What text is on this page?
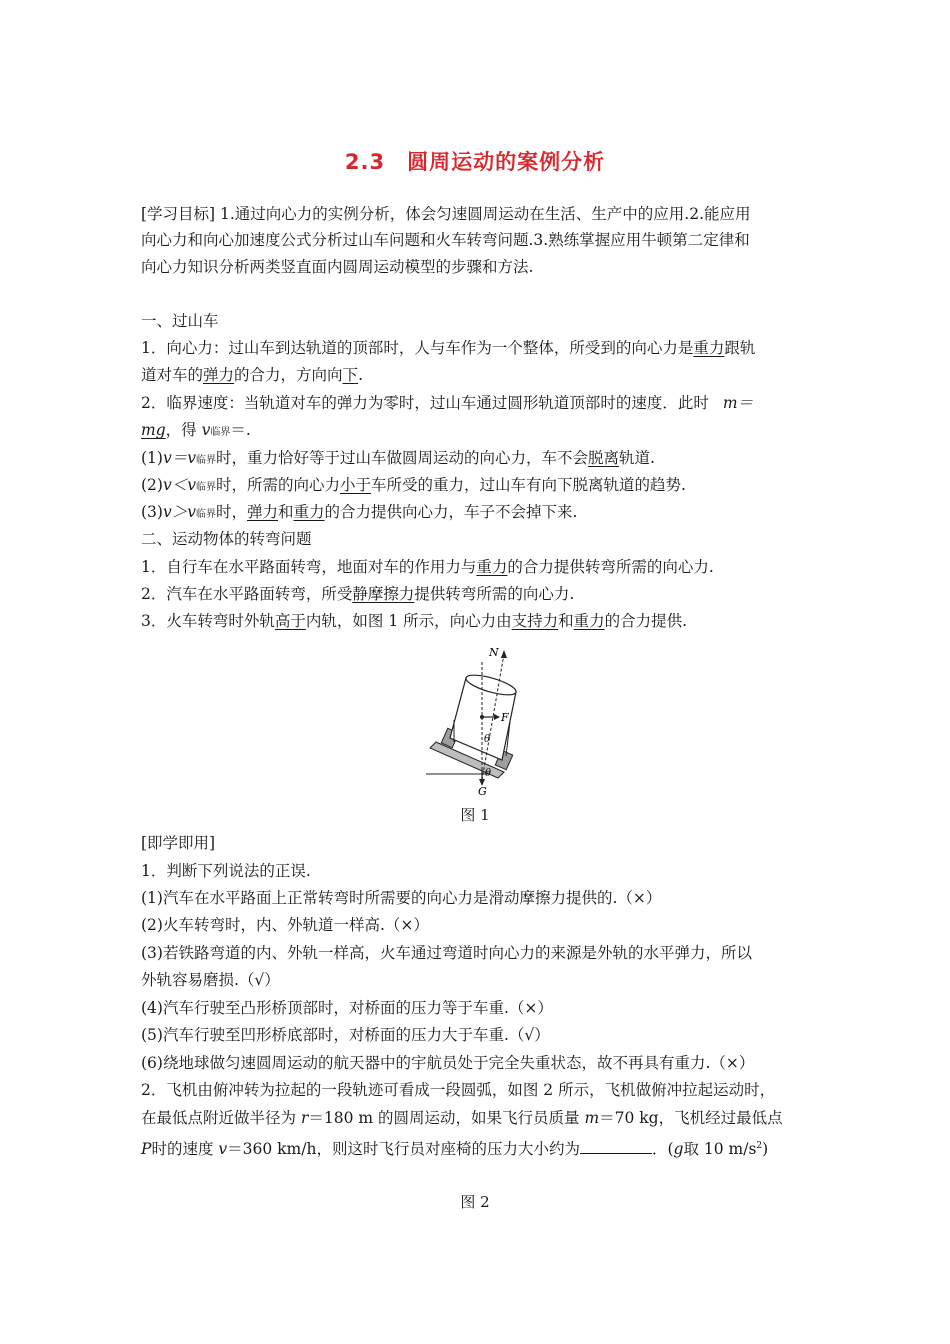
2.3　圆周运动的案例分析
[学习目标] 1.通过向心力的实例分析，体会匀速圆周运动在生活、生产中的应用.2.能应用
向心力和向心加速度公式分析过山车问题和火车转弯问题.3.熟练掌握应用牛顿第二定律和
向心力知识分析两类竖直面内圆周运动模型的步骤和方法.
一、过山车
1．向心力：过山车到达轨道的顶部时，人与车作为一个整体，所受到的向心力是重力跟轨
道对车的弹力的合力，方向向下.
2．临界速度：当轨道对车的弹力为零时，过山车通过圆形轨道顶部时的速度．此时 m＝
mg，得 v临界＝.
(1)v＝v临界时，重力恰好等于过山车做圆周运动的向心力，车不会脱离轨道.
(2)v＜v临界时，所需的向心力小于车所受的重力，过山车有向下脱离轨道的趋势.
(3)v＞v临界时，弹力和重力的合力提供向心力，车子不会掉下来.
二、运动物体的转弯问题
1．自行车在水平路面转弯，地面对车的作用力与重力的合力提供转弯所需的向心力.
2．汽车在水平路面转弯，所受静摩擦力提供转弯所需的向心力.
3．火车转弯时外轨高于内轨，如图 1 所示，向心力由支持力和重力的合力提供.
N
F
θ
θ
G
图 1
[即学即用]
1．判断下列说法的正误.
(1)汽车在水平路面上正常转弯时所需要的向心力是滑动摩擦力提供的.（×）
(2)火车转弯时，内、外轨道一样高.（×）
(3)若铁路弯道的内、外轨一样高，火车通过弯道时向心力的来源是外轨的水平弹力，所以
外轨容易磨损.（√）
(4)汽车行驶至凸形桥顶部时，对桥面的压力等于车重.（×）
(5)汽车行驶至凹形桥底部时，对桥面的压力大于车重.（√）
(6)绕地球做匀速圆周运动的航天器中的宇航员处于完全失重状态，故不再具有重力.（×）
2．飞机由俯冲转为拉起的一段轨迹可看成一段圆弧，如图 2 所示，飞机做俯冲拉起运动时，
在最低点附近做半径为 r＝180 m 的圆周运动，如果飞行员质量 m＝70 kg，飞机经过最低点
P时的速度 v＝360 km/h，则这时飞行员对座椅的压力大小约为	．(g取 10 $m/s^2$)
图 2
